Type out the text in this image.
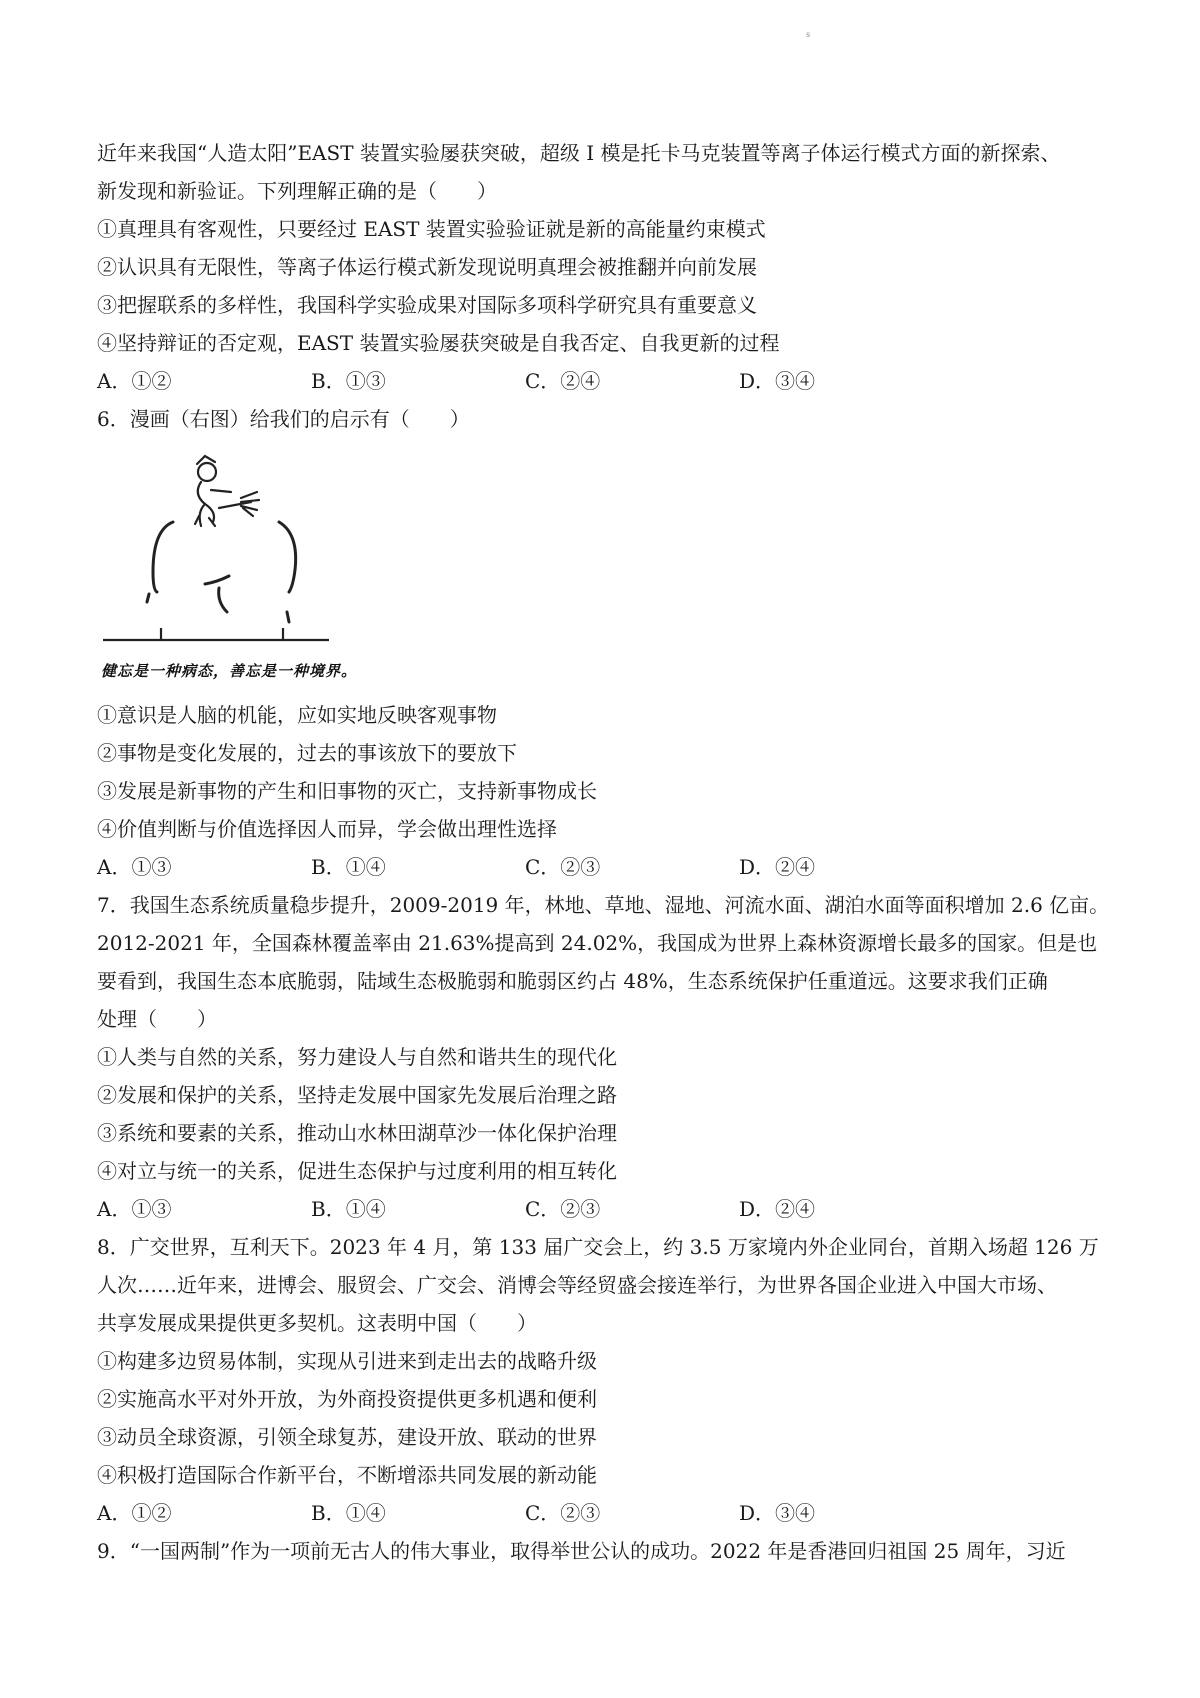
s
近年来我国“人造太阳”EAST 装置实验屡获突破，超级 I 模是托卡马克装置等离子体运行模式方面的新探索、
新发现和新验证。下列理解正确的是（　　）
①真理具有客观性，只要经过 EAST 装置实验验证就是新的高能量约束模式
②认识具有无限性，等离子体运行模式新发现说明真理会被推翻并向前发展
③把握联系的多样性，我国科学实验成果对国际多项科学研究具有重要意义
④坚持辩证的否定观，EAST 装置实验屡获突破是自我否定、自我更新的过程
A．①②	B．①③	C．②④	D．③④
6．漫画（右图）给我们的启示有（　　）
健忘是一种病态，善忘是一种境界。
①意识是人脑的机能，应如实地反映客观事物
②事物是变化发展的，过去的事该放下的要放下
③发展是新事物的产生和旧事物的灭亡，支持新事物成长
④价值判断与价值选择因人而异，学会做出理性选择
A．①③	B．①④	C．②③	D．②④
7．我国生态系统质量稳步提升，2009-2019 年，林地、草地、湿地、河流水面、湖泊水面等面积增加 2.6 亿亩。
2012-2021 年，全国森林覆盖率由 21.63%提高到 24.02%，我国成为世界上森林资源增长最多的国家。但是也
要看到，我国生态本底脆弱，陆域生态极脆弱和脆弱区约占 48%，生态系统保护任重道远。这要求我们正确
处理（　　）
①人类与自然的关系，努力建设人与自然和谐共生的现代化
②发展和保护的关系，坚持走发展中国家先发展后治理之路
③系统和要素的关系，推动山水林田湖草沙一体化保护治理
④对立与统一的关系，促进生态保护与过度利用的相互转化
A．①③	B．①④	C．②③	D．②④
8．广交世界，互利天下。2023 年 4 月，第 133 届广交会上，约 3.5 万家境内外企业同台，首期入场超 126 万
人次……近年来，进博会、服贸会、广交会、消博会等经贸盛会接连举行，为世界各国企业进入中国大市场、
共享发展成果提供更多契机。这表明中国（　　）
①构建多边贸易体制，实现从引进来到走出去的战略升级
②实施高水平对外开放，为外商投资提供更多机遇和便利
③动员全球资源，引领全球复苏，建设开放、联动的世界
④积极打造国际合作新平台，不断增添共同发展的新动能
A．①②	B．①④	C．②③	D．③④
9．“一国两制”作为一项前无古人的伟大事业，取得举世公认的成功。2022 年是香港回归祖国 25 周年，习近
